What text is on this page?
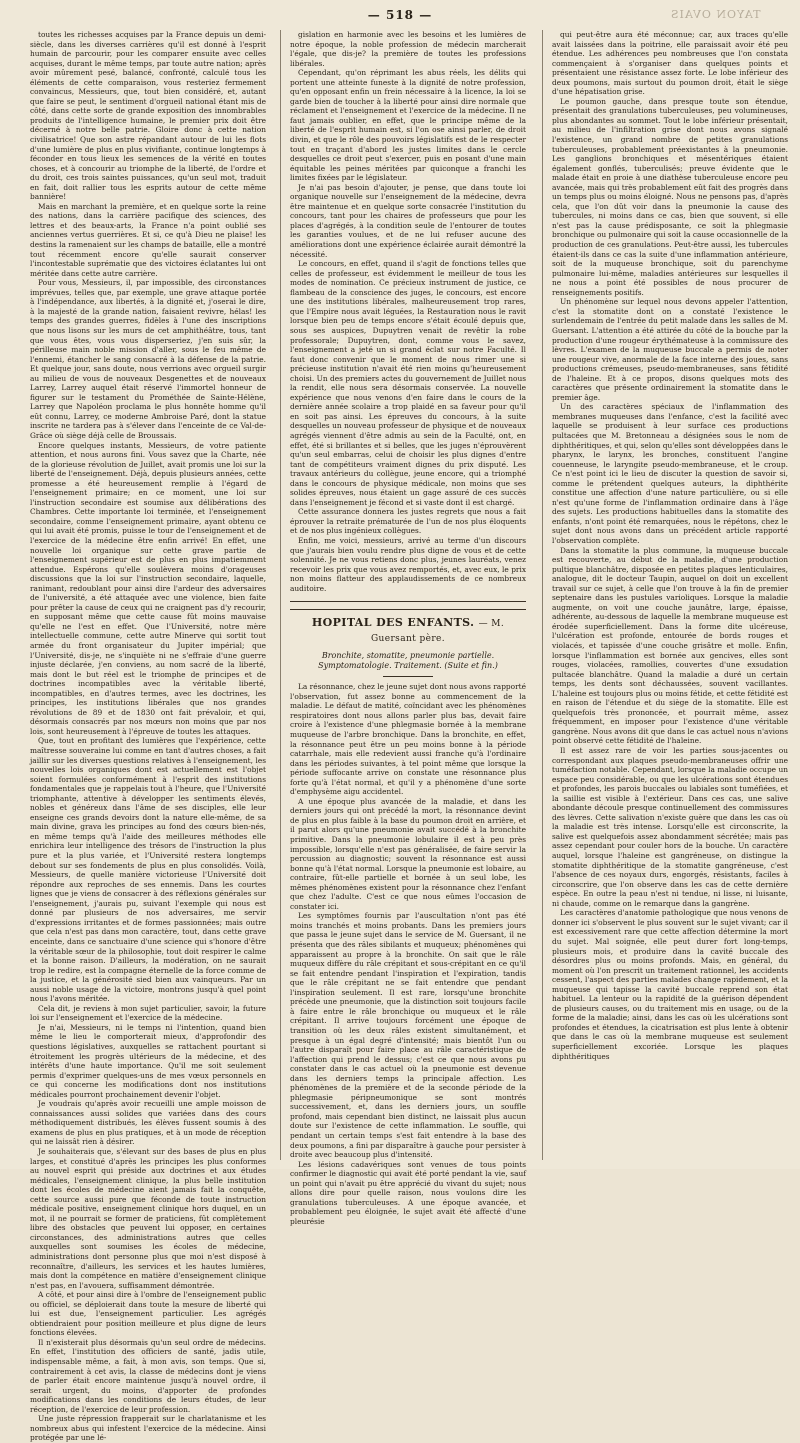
— 518 —	TAYON OVAIS

toutes les richesses acquises par la France depuis un demi-siècle, dans les diverses carrières qu'il est donné à l'esprit humain de parcourir, pour les comparer ensuite avec celles acquises, durant le même temps, par toute autre nation; après avoir mûrement pesé, balancé, confronté, calculé tous les éléments de cette comparaison, vous resteriez fermement convaincus, Messieurs, que, tout bien considéré, et, autant que faire se peut, le sentiment d'orgueil national étant mis de côté, dans cette sorte de grande exposition des innombrables produits de l'intelligence humaine, le premier prix doit être décerné à notre belle patrie. Gloire donc à cette nation civilisatrice! Que son astre répandant autour de lui les flots d'une lumière de plus en plus vivifiante, continue longtemps à féconder en tous lieux les semences de la vérité en toutes choses, et à concourir au triomphe de la liberté, de l'ordre et du droit, ces trois saintes puissances, qu'un seul mot, traduit en fait, doit rallier tous les esprits autour de cette même bannière!

Mais en marchant la première, et en quelque sorte la reine des nations, dans la carrière pacifique des sciences, des lettres et des beaux-arts, la France n'a point oublié ses anciennes vertus guerrières. Et si, ce qu'à Dieu ne plaise! les destins la ramenaient sur les champs de bataille, elle a montré tout récemment encore qu'elle saurait conserver l'incontestable suprématie que des victoires éclatantes lui ont méritée dans cette autre carrière.

Pour vous, Messieurs, il, par impossible, des circonstances imprévues, telles que, par exemple, une grave attaque portée à l'indépendance, aux libertés, à la dignité et, j'oserai le dire, à la majesté de la grande nation, faisaient revivre, hélas! les temps des grandes guerres, fidèles à l'une des inscriptions que nous lisons sur les murs de cet amphithéâtre, tous, tant que vous êtes, vous vous disperseriez, j'en suis sûr, la périlleuse main noble mission d'aller, sous le feu même de l'ennemi, étancher le sang consacré à la défense de la patrie. Et quelque jour, sans doute, nous verrions avec orgueil surgir au milieu de vous de nouveaux Desgenettes et de nouveaux Larrey, Larrey auquel était réservé l'immortel honneur de figurer sur le testament du Prométhée de Sainte-Hélène, Larrey que Napoléon proclama le plus honnête homme qu'il eût connu, Larrey, ce moderne Ambroise Paré, dont la statue inscrite ne tardera pas à s'élever dans l'enceinte de ce Val-de-Grâce où siège déjà celle de Broussais.

Encore quelques instants, Messieurs, de votre patiente attention, et nous aurons fini. Vous savez que la Charte, née de la glorieuse révolution de Juillet, avait promis une loi sur la liberté de l'enseignement. Déjà, depuis plusieurs années, cette promesse a été heureusement remplie à l'égard de l'enseignement primaire; en ce moment, une loi sur l'instruction secondaire est soumise aux délibérations des Chambres. Cette importante loi terminée, et l'enseignement secondaire, comme l'enseignement primaire, ayant obtenu ce qui lui avait été promis, puisse le tour de l'enseignement et de l'exercice de la médecine être enfin arrivé! En effet, une nouvelle loi organique sur cette grave partie de l'enseignement supérieur est de plus en plus impatiemment attendue. Espérons qu'elle soulèvera moins d'orageuses discussions que la loi sur l'instruction secondaire, laquelle, ranimant, redoublant pour ainsi dire l'ardeur des adversaires de l'université, a été attaquée avec une violence, bien faite pour prêter la cause de ceux qui ne craignent pas d'y recourir, en supposant même que cette cause fût moins mauvaise qu'elle ne l'est en effet. Que l'Université, notre mère intellectuelle commune, cette autre Minerve qui sortit tout armée du front organisateur du Jupiter impérial; que l'Université, dis-je, ne s'inquiète ni ne s'effraie d'une guerre injuste déclarée, j'en conviens, au nom sacré de la liberté, mais dont le but réel est le triomphe de principes et de doctrines incompatibles avec la véritable liberté, incompatibles, en d'autres termes, avec les doctrines, les principes, les institutions libérales que nos grandes révolutions de 89 et de 1830 ont fait prévaloir, et qui, désormais consacrés par nos mœurs non moins que par nos lois, sont heureusement à l'épreuve de toutes les attaques.

Que, tout en profitant des lumières que l'expérience, cette maîtresse souveraine lui comme en tant d'autres choses, a fait jaillir sur les diverses questions relatives à l'enseignement, les nouvelles lois organiques dont est actuellement est l'objet soient formulées conformément à l'esprit des institutions fondamentales que je rappelais tout à l'heure, que l'Université triomphante, attentive à développer les sentiments élevés, nobles et généreux dans l'âme de ses disciples, elle leur enseigne ces grands devoirs dont la nature elle-même, de sa main divine, grava les principes au fond des cœurs bien-nés, en même temps qu'à l'aide des meilleures méthodes elle enrichira leur intelligence des trésors de l'instruction la plus pure et la plus variée, et l'Université restera longtemps debout sur ses fondements de plus en plus consolidés. Voilà, Messieurs, de quelle manière victorieuse l'Université doit répondre aux reproches de ses ennemis. Dans les courtes lignes que je viens de consacrer à des réflexions générales sur l'enseignement, j'aurais pu, suivant l'exemple qui nous est donné par plusieurs de nos adversaires, me servir d'expressions irritantes et de formes passionnées; mais outre que cela n'est pas dans mon caractère, tout, dans cette grave enceinte, dans ce sanctuaire d'une science qui s'honore d'être la véritable sœur de la philosophie, tout doit respirer le calme et la bonne raison. D'ailleurs, la modération, on ne saurait trop le redire, est la compagne éternelle de la force comme de la justice, et la générosité sied bien aux vainqueurs. Par un aussi noble usage de la victoire, montrons jusqu'à quel point nous l'avons méritée.

Cela dit, je reviens à mon sujet particulier, savoir, la future loi sur l'enseignement et l'exercice de la médecine.

Je n'ai, Messieurs, ni le temps ni l'intention, quand bien même le lieu le comporterait mieux, d'approfondir des questions législatives, auxquelles se rattachent pourtant si étroitement les progrès ultérieurs de la médecine, et des intérêts d'une haute importance. Qu'il me soit seulement permis d'exprimer quelques-uns de mes vœux personnels en ce qui concerne les modifications dont nos institutions médicales pourront prochainement devenir l'objet.

Je voudrais qu'après avoir recueilli une ample moisson de connaissances aussi solides que variées dans des cours méthodiquement distribués, les élèves fussent soumis à des examens de plus en plus pratiques, et à un mode de réception qui ne laissât rien à désirer.

Je souhaiterais que, s'élevant sur des bases de plus en plus larges, et constitué d'après les principes les plus conformes au nouvel esprit qui préside aux doctrines et aux études médicales, l'enseignement clinique, la plus belle institution dont les écoles de médecine aient jamais fait la conquête, cette source aussi pure que féconde de toute instruction médicale positive, enseignement clinique hors duquel, en un mot, il ne pourrait se former de praticiens, fût complètement libre des obstacles que peuvent lui opposer, en certaines circonstances, des administrations autres que celles auxquelles sont soumises les écoles de médecine, administrations dont personne plus que moi n'est disposé à reconnaître, d'ailleurs, les services et les hautes lumières, mais dont la compétence en matière d'enseignement clinique n'est pas, en l'avouera, suffisamment démontrée.

A côté, et pour ainsi dire à l'ombre de l'enseignement public ou officiel, se déploierait dans toute la mesure de liberté qui lui est due, l'enseignement particulier. Les agrégés obtiendraient pour position meilleure et plus digne de leurs fonctions élevées.

Il n'existerait plus désormais qu'un seul ordre de médecins. En effet, l'institution des officiers de santé, jadis utile, indispensable même, a fait, à mon avis, son temps. Que si, contrairement à cet avis, la classe de médecins dont je viens de parler était encore maintenue jusqu'à nouvel ordre, il serait urgent, du moins, d'apporter de profondes modifications dans les conditions de leurs études, de leur réception, de l'exercice de leur profession.

Une juste répression frapperait sur le charlatanisme et les nombreux abus qui infestent l'exercice de la médecine. Ainsi protégée par une lé-

gislation en harmonie avec les besoins et les lumières de notre époque, la noble profession de médecin marcherait l'égale, que dis-je? la première de toutes les professions libérales.

Cependant, qu'on réprimant les abus réels, les délits qui portent une atteinte funeste à la dignité de notre profession, qu'en opposant enfin un frein nécessaire à la licence, la loi se garde bien de toucher à la liberté pour ainsi dire normale que réclament et l'enseignement et l'exercice de la médecine. Il ne faut jamais oublier, en effet, que le principe même de la liberté de l'esprit humain est, si l'on ose ainsi parler, de droit divin, et que le rôle des pouvoirs législatifs est de le respecter tout en traçant d'abord les justes limites dans le cercle desquelles ce droit peut s'exercer, puis en posant d'une main équitable les peines méritées par quiconque a franchi les limites fixées par le législateur.

Je n'ai pas besoin d'ajouter, je pense, que dans toute loi organique nouvelle sur l'enseignement de la médecine, devra être maintenue et en quelque sorte consacrée l'institution du concours, tant pour les chaires de professeurs que pour les places d'agrégés, à la condition seule de l'entourer de toutes les garanties voulues, et de ne lui refuser aucune des améliorations dont une expérience éclairée aurait démontré la nécessité.

Le concours, en effet, quand il s'agit de fonctions telles que celles de professeur, est évidemment le meilleur de tous les modes de nomination. Ce précieux instrument de justice, ce flambeau de la conscience des juges, le concours, est encore une des institutions libérales, malheureusement trop rares, que l'Empire nous avait léguées, la Restauration nous le ravit lorsque bien peu de temps encore s'était écoulé depuis que, sous ses auspices, Dupuytren venait de revêtir la robe professorale; Dupuytren, dont, comme vous le savez, l'enseignement a jeté un si grand éclat sur notre Faculté. Il faut donc convenir que le moment de nous rimer une si précieuse institution n'avait été rien moins qu'heureusement choisi. Un des premiers actes du gouvernement de Juillet nous la rendit, elle nous sera désormais conservée. La nouvelle expérience que nous venons d'en faire dans le cours de la dernière année scolaire a trop plaidé en sa faveur pour qu'il en soit pas ainsi. Les épreuves du concours, à la suite desquelles un nouveau professeur de physique et de nouveaux agrégés viennent d'être admis au sein de la Faculté, ont, en effet, été si brillantes et si belles, que les juges n'éprouvèrent qu'un seul embarras, celui de choisir les plus dignes d'entre tant de compétiteurs vraiment dignes du prix disputé. Les travaux antérieurs du collègue, jeune encore, qui a triomphé dans le concours de physique médicale, non moins que ses solides épreuves, nous étaient un gage assuré de ces succès dans l'enseignement je fécond et si vaste dont il est chargé.

Cette assurance donnera les justes regrets que nous a fait éprouver la retraite prématurée de l'un de nos plus éloquents et de nos plus ingénieux collègues.

Enfin, me voici, messieurs, arrivé au terme d'un discours que j'aurais bien voulu rendre plus digne de vous et de cette solennité. Je ne vous retiens donc plus, jeunes lauréats, venez recevoir les prix que vous avez remportés, et, avec eux, le prix non moins flatteur des applaudissements de ce nombreux auditoire.

HOPITAL DES ENFANTS. — M. Guersant père.
Bronchite, stomatite, pneumonie partielle. Symptomatologie. Traitement. (Suite et fin.)

La résonnance, chez le jeune sujet dont nous avons rapporté l'observation, fut assez bonne au commencement de la maladie. Le défaut de matité, coïncidant avec les phénomènes respiratoires dont nous allons parler plus bas, devait faire croire à l'existence d'une phlegmasie bornée à la membrane muqueuse de l'arbre bronchique. Dans la bronchite, en effet, la résonnance peut être un peu moins bonne à la période catarrhale, mais elle redevient aussi franche qu'à l'ordinaire dans les périodes suivantes, à tel point même que lorsque la période suffocante arrive on constate une résonnance plus forte qu'à l'état normal, et qu'il y a phénomène d'une sorte d'emphysème aigu accidentel.

A une époque plus avancée de la maladie, et dans les derniers jours qui ont précédé la mort, la résonnance devint de plus en plus faible à la base du poumon droit en arrière, et il parut alors qu'une pneumonie avait succédé à la bronchite primitive. Dans la pneumonie lobulaire il est à peu près impossible, lorsqu'elle n'est pas généralisée, de faire servir la percussion au diagnostic; souvent la résonnance est aussi bonne qu'à l'état normal. Lorsque la pneumonie est lobaire, au contraire, fût-elle partielle et bornée à un seul lobe, les mêmes phénomènes existent pour la résonnance chez l'enfant que chez l'adulte. C'est ce que nous eûmes l'occasion de constater ici.

Les symptômes fournis par l'auscultation n'ont pas été moins tranchés et moins probants. Dans les premiers jours que passa le jeune sujet dans le service de M. Guersant, il ne présenta que des râles sibilants et muqueux; phénomènes qui apparaissent au propre à la bronchite. On sait que le râle muqueux diffère du râle crépitant et sous-crépitant en ce qu'il se fait entendre pendant l'inspiration et l'expiration, tandis que le râle crépitant ne se fait entendre que pendant l'inspiration seulement. Il est rare, lorsqu'une bronchite précède une pneumonie, que la distinction soit toujours facile à faire entre le râle bronchique ou muqueux et le râle crépitant. Il arrive toujours forcément une époque de transition où les deux râles existent simultanément, et presque à un égal degré d'intensité; mais bientôt l'un ou l'autre disparaît pour faire place au râle caractéristique de l'affection qui prend le dessus; c'est ce que nous avons pu constater dans le cas actuel où la pneumonie est devenue dans les derniers temps la principale affection. Les phénomènes de la première et de la seconde période de la phlegmasie péripneumonique se sont montrés successivement, et, dans les derniers jours, un souffle profond, mais cependant bien distinct, ne laissait plus aucun doute sur l'existence de cette inflammation. Le souffle, qui pendant un certain temps s'est fait entendre à la base des deux poumons, a fini par disparaître à gauche pour persister à droite avec beaucoup plus d'intensité.

Les lésions cadavériques sont venues de tous points confirmer le diagnostic qui avait été porté pendant la vie, sauf un point qui n'avait pu être apprécié du vivant du sujet; nous allons dire pour quelle raison, nous voulons dire les granulations tuberculeuses. A une époque avancée, et probablement peu éloignée, le sujet avait été affecté d'une pleurésie

qui peut-être aura été méconnue; car, aux traces qu'elle avait laissées dans la poitrine, elle paraissait avoir été peu étendue. Les adhérences peu nombreuses que l'on constata commençaient à s'organiser dans quelques points et présentaient une résistance assez forte. Le lobe inférieur des deux poumons, mais surtout du poumon droit, était le siège d'une hépatisation grise.

Le poumon gauche, dans presque toute son étendue, présentait des granulations tuberculeuses, peu volumineuses, plus abondantes au sommet. Tout le lobe inférieur présentait, au milieu de l'infiltration grise dont nous avons signalé l'existence, un grand nombre de petites granulations tuberculeuses, probablement préexistantes à la pneumonie. Les ganglions bronchiques et mésentériques étaient également gonflés, tuberculisés; preuve évidente que le malade était en proie à une diathèse tuberculeuse encore peu avancée, mais qui très probablement eût fait des progrès dans un temps plus ou moins éloigné. Nous ne pensons pas, d'après cela, que l'on dût voir dans la pneumonie la cause des tubercules, ni moins dans ce cas, bien que souvent, si elle n'est pas la cause prédisposante, ce soit la phlegmasie bronchique ou pulmonaire qui soit la cause occasionnelle de la production de ces granulations. Peut-être aussi, les tubercules étaient-ils dans ce cas la suite d'une inflammation antérieure, soit de la muqueuse bronchique, soit du parenchyme pulmonaire lui-même, maladies antérieures sur lesquelles il ne nous a point été possibles de nous procurer de renseignements positifs.

Un phénomène sur lequel nous devons appeler l'attention, c'est la stomatite dont on a constaté l'existence le surlendemain de l'entrée du petit malade dans les salles de M. Guersant. L'attention a été attirée du côté de la bouche par la production d'une rougeur érythémateuse à la commissure des lèvres. L'examen de la muqueuse buccale a permis de noter une rougeur vive, anormale de la face interne des joues, sans productions crémeuses, pseudo-membraneuses, sans fétidité de l'haleine. Et à ce propos, disons quelques mots des caractères que présente ordinairement la stomatite dans le premier âge.

Un des caractères spéciaux de l'inflammation des membranes muqueuses dans l'enfance, c'est la facilité avec laquelle se produisent à leur surface ces productions pultacées que M. Bretonneau a désignées sous le nom de diphthéritiques, et qui, selon qu'elles sont développées dans le pharynx, le larynx, les bronches, constituent l'angine couenneuse, le laryngite pseudo-membraneuse, et le croup. Ce n'est point ici le lieu de discuter la question de savoir si, comme le prétendent quelques auteurs, la diphthérite constitue une affection d'une nature particulière, ou si elle n'est qu'une forme de l'inflammation ordinaire dans à l'âge des sujets. Les productions habituelles dans la stomatite des enfants, n'ont point été remarquées, nous le répétons, chez le sujet dont nous avons dans un précédent article rapporté l'observation complète.

Dans la stomatite la plus commune, la muqueuse buccale est recouverte, au début de la maladie, d'une production pultique blanchâtre, disposée en petites plaques lenticulaires, analogue, dit le docteur Taupin, auquel on doit un excellent travail sur ce sujet, à celle que l'on trouve à la fin de premier septenaire dans les pustules varioliques. Lorsque la maladie augmente, on voit une couche jaunâtre, large, épaisse, adhérente, au-dessous de laquelle la membrane muqueuse est érodée superficiellement. Dans la forme dite ulcéreuse, l'ulcération est profonde, entourée de bords rouges et violacés, et tapissée d'une couche grisâtre et molle. Enfin, lorsque l'inflammation est bornée aux gencives, elles sont rouges, violacées, ramollies, couvertes d'une exsudation pultacée blanchâtre. Quand la maladie a duré un certain temps, les dents sont déchaussées, souvent vacillantes. L'haleine est toujours plus ou moins fétide, et cette fétidité est en raison de l'étendue et du siège de la stomatite. Elle est quelquefois très prononcée, et pourrait même, assez fréquemment, en imposer pour l'existence d'une véritable gangrène. Nous avons dit que dans le cas actuel nous n'avions point observé cette fétidité de l'haleine.

Il est assez rare de voir les parties sous-jacentes ou correspondant aux plaques pseudo-membraneuses offrir une tuméfaction notable. Cependant, lorsque la maladie occupe un espace peu considérable, ou que les ulcérations sont étendues et profondes, les parois buccales ou labiales sont tuméfiées, et la saillie est visible à l'extérieur. Dans ces cas, une salive abondante découle presque continuellement des commissures des lèvres. Cette salivation n'existe guère que dans les cas où la maladie est très intense. Lorsqu'elle est circonscrite, la salive est quelquefois assez abondamment sécrétée; mais pas assez cependant pour couler hors de la bouche. Un caractère auquel, lorsque l'haleine est gangréneuse, on distingue la stomatite diphthéritique de la stomatite gangréneuse, c'est l'absence de ces noyaux durs, engorgés, résistants, faciles à circonscrire, que l'on observe dans les cas de cette dernière espèce. En outre la peau n'est ni tendue, ni lisse, ni luisante, ni chaude, comme on le remarque dans la gangrène.

Les caractères d'anatomie pathologique que nous venons de donner ici s'observent le plus souvent sur le sujet vivant; car il est excessivement rare que cette affection détermine la mort du sujet. Mal soignée, elle peut durer fort long-temps, plusieurs mois, et produire dans la cavité buccale des désordres plus ou moins profonds. Mais, en général, du moment où l'on prescrit un traitement rationnel, les accidents cessent, l'aspect des parties malades change rapidement, et la muqueuse qui tapisse la cavité buccale reprend son état habituel. La lenteur ou la rapidité de la guérison dépendent de plusieurs causes, ou du traitement mis en usage, ou de la forme de la maladie; ainsi, dans les cas où les ulcérations sont profondes et étendues, la cicatrisation est plus lente à obtenir que dans le cas où la membrane muqueuse est seulement superficiellement excoriée. Lorsque les plaques diphthéritiques
